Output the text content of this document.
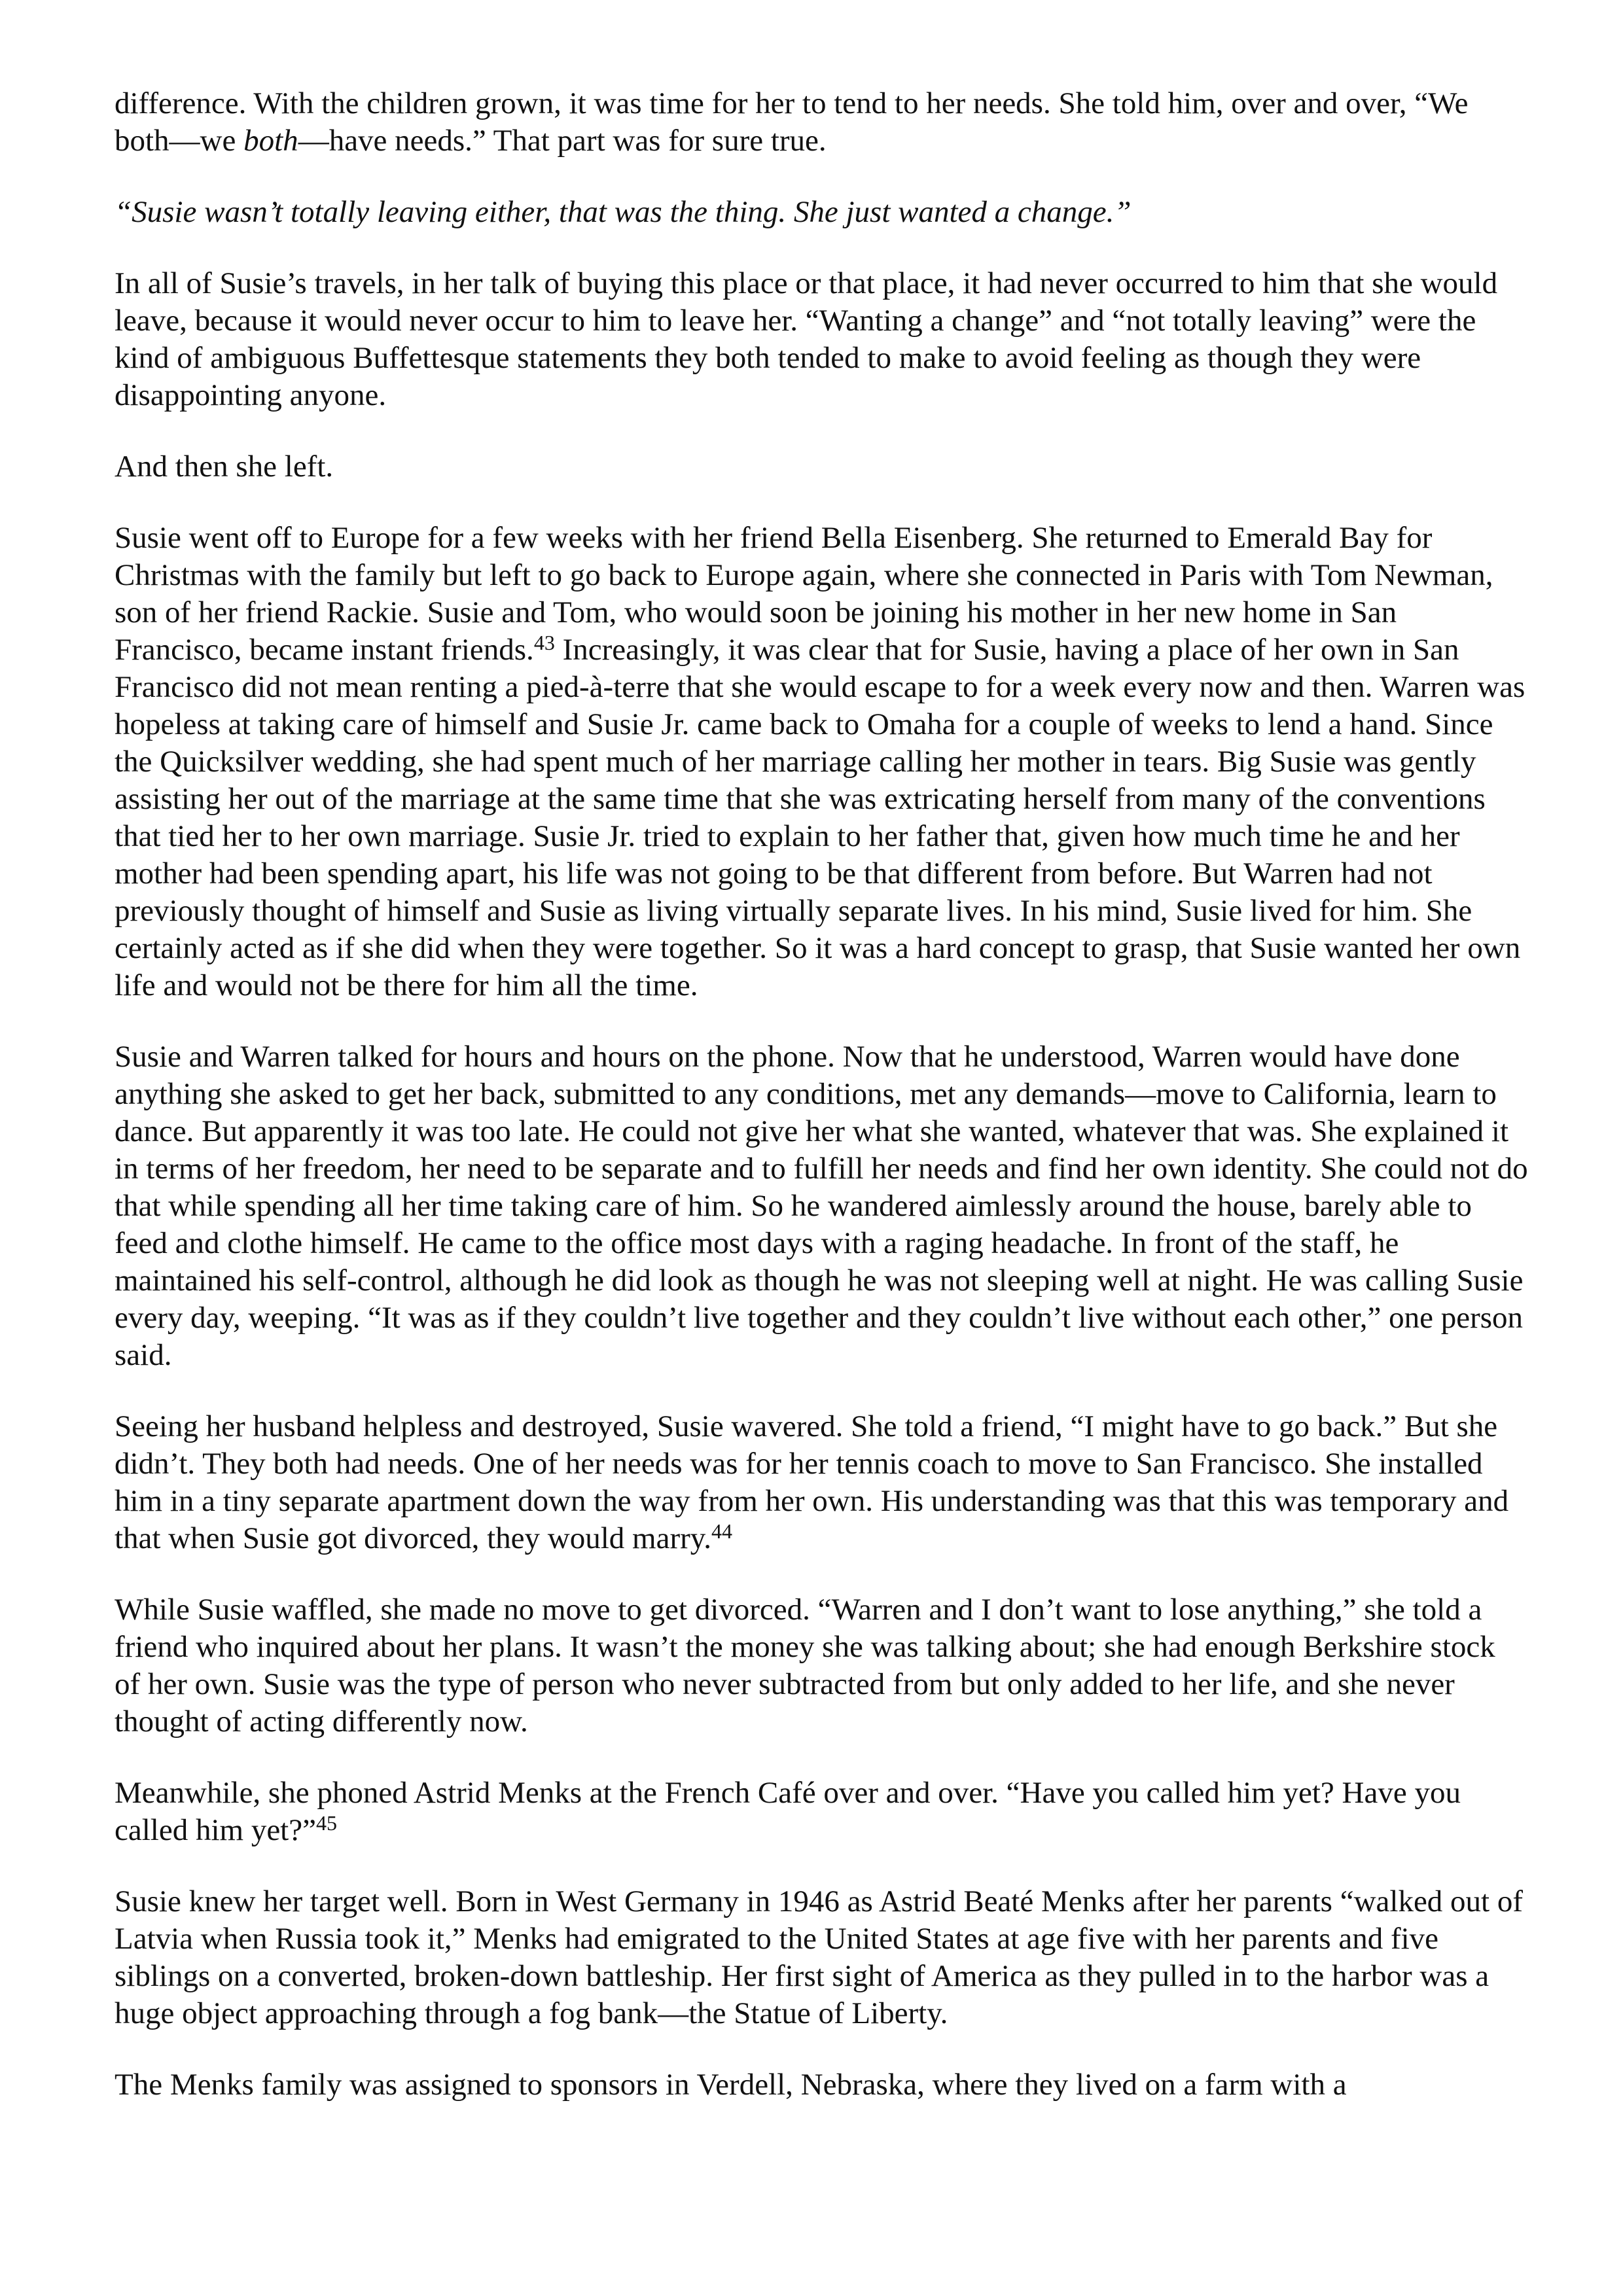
difference. With the children grown, it was time for her to tend to her needs. She told him, over and over, “We both—we both—have needs.” That part was for sure true.

“Susie wasn’t totally leaving either, that was the thing. She just wanted a change.”

In all of Susie’s travels, in her talk of buying this place or that place, it had never occurred to him that she would leave, because it would never occur to him to leave her. “Wanting a change” and “not totally leaving” were the kind of ambiguous Buffettesque statements they both tended to make to avoid feeling as though they were disappointing anyone.

And then she left.

Susie went off to Europe for a few weeks with her friend Bella Eisenberg. She returned to Emerald Bay for Christmas with the family but left to go back to Europe again, where she connected in Paris with Tom Newman, son of her friend Rackie. Susie and Tom, who would soon be joining his mother in her new home in San Francisco, became instant friends.$^{43}$ Increasingly, it was clear that for Susie, having a place of her own in San Francisco did not mean renting a pied-à-terre that she would escape to for a week every now and then. Warren was hopeless at taking care of himself and Susie Jr. came back to Omaha for a couple of weeks to lend a hand. Since the Quicksilver wedding, she had spent much of her marriage calling her mother in tears. Big Susie was gently assisting her out of the marriage at the same time that she was extricating herself from many of the conventions that tied her to her own marriage. Susie Jr. tried to explain to her father that, given how much time he and her mother had been spending apart, his life was not going to be that different from before. But Warren had not previously thought of himself and Susie as living virtually separate lives. In his mind, Susie lived for him. She certainly acted as if she did when they were together. So it was a hard concept to grasp, that Susie wanted her own life and would not be there for him all the time.

Susie and Warren talked for hours and hours on the phone. Now that he understood, Warren would have done anything she asked to get her back, submitted to any conditions, met any demands—move to California, learn to dance. But apparently it was too late. He could not give her what she wanted, whatever that was. She explained it in terms of her freedom, her need to be separate and to fulfill her needs and find her own identity. She could not do that while spending all her time taking care of him. So he wandered aimlessly around the house, barely able to feed and clothe himself. He came to the office most days with a raging headache. In front of the staff, he maintained his self-control, although he did look as though he was not sleeping well at night. He was calling Susie every day, weeping. “It was as if they couldn’t live together and they couldn’t live without each other,” one person said.

Seeing her husband helpless and destroyed, Susie wavered. She told a friend, “I might have to go back.” But she didn’t. They both had needs. One of her needs was for her tennis coach to move to San Francisco. She installed him in a tiny separate apartment down the way from her own. His understanding was that this was temporary and that when Susie got divorced, they would marry.$^{44}$

While Susie waffled, she made no move to get divorced. “Warren and I don’t want to lose anything,” she told a friend who inquired about her plans. It wasn’t the money she was talking about; she had enough Berkshire stock of her own. Susie was the type of person who never subtracted from but only added to her life, and she never thought of acting differently now.

Meanwhile, she phoned Astrid Menks at the French Café over and over. “Have you called him yet? Have you called him yet?”$^{45}$

Susie knew her target well. Born in West Germany in 1946 as Astrid Beaté Menks after her parents “walked out of Latvia when Russia took it,” Menks had emigrated to the United States at age five with her parents and five siblings on a converted, broken-down battleship. Her first sight of America as they pulled in to the harbor was a huge object approaching through a fog bank—the Statue of Liberty.

The Menks family was assigned to sponsors in Verdell, Nebraska, where they lived on a farm with a
